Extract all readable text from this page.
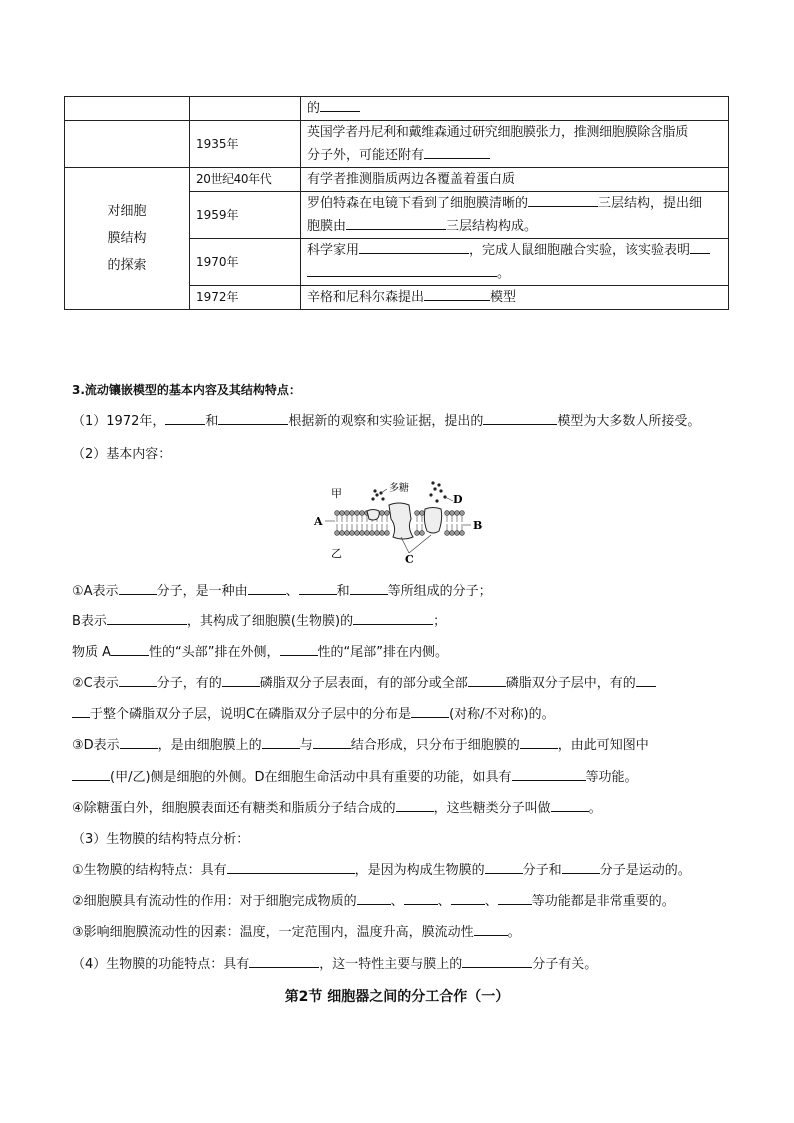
		的
	1935年	英国学者丹尼利和戴维森通过研究细胞膜张力，推测细胞膜除含脂质
分子外，可能还附有

对细胞
膜结构
的探索	20世纪40年代	有学者推测脂质两边各覆盖着蛋白质
	1959年	罗伯特森在电镜下看到了细胞膜清晰的 三层结构，提出细
胞膜由 三层结构构成。

	1970年	科学家用 ，完成人鼠细胞融合实验，该实验表明
。

	1972年	辛格和尼科尔森提出 模型
3.流动镶嵌模型的基本内容及其结构特点：
（1）1972年，	和	根据新的观察和实验证据，提出的	模型为大多数人所接受。
（2）基本内容：
甲
乙
多糖
A	B
C
D
①A表示	分子，是一种由	、	和	等所组成的分子；
B表示	，其构成了细胞膜(生物膜)的	；
物质 A	性的“头部”排在外侧，	性的“尾部”排在内侧。
②C表示	分子，有的	磷脂双分子层表面，有的部分或全部	磷脂双分子层中，有的
于整个磷脂双分子层，说明C在磷脂双分子层中的分布是	(对称/不对称)的。
③D表示	，是由细胞膜上的	与	结合形成，只分布于细胞膜的	，由此可知图中
(甲/乙)侧是细胞的外侧。D在细胞生命活动中具有重要的功能，如具有	等功能。
④除糖蛋白外，细胞膜表面还有糖类和脂质分子结合成的	，这些糖类分子叫做	。
（3）生物膜的结构特点分析：
①生物膜的结构特点：具有	，是因为构成生物膜的	分子和	分子是运动的。
②细胞膜具有流动性的作用：对于细胞完成物质的	、	、	、	等功能都是非常重要的。
③影响细胞膜流动性的因素：温度，一定范围内，温度升高，膜流动性	。
（4）生物膜的功能特点：具有	，这一特性主要与膜上的	分子有关。
第2节 细胞器之间的分工合作（一）
